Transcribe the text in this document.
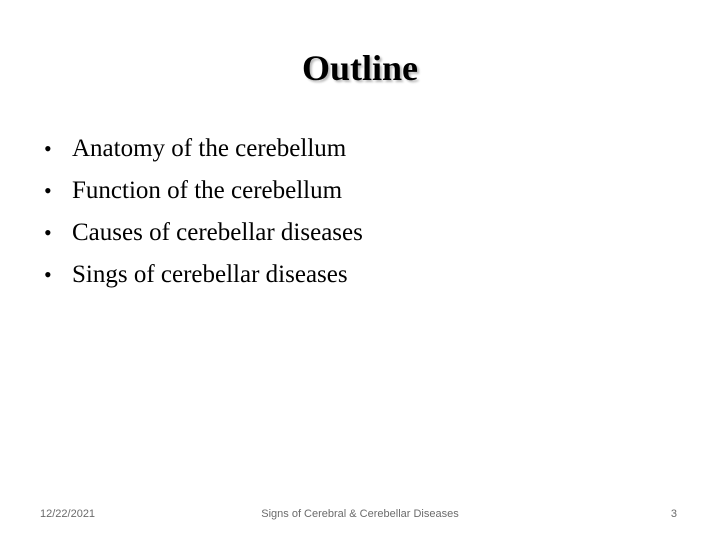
Outline
• Anatomy of the cerebellum
• Function of the cerebellum
• Causes of cerebellar diseases
• Sings of cerebellar diseases
12/22/2021	Signs of Cerebral & Cerebellar Diseases	3
